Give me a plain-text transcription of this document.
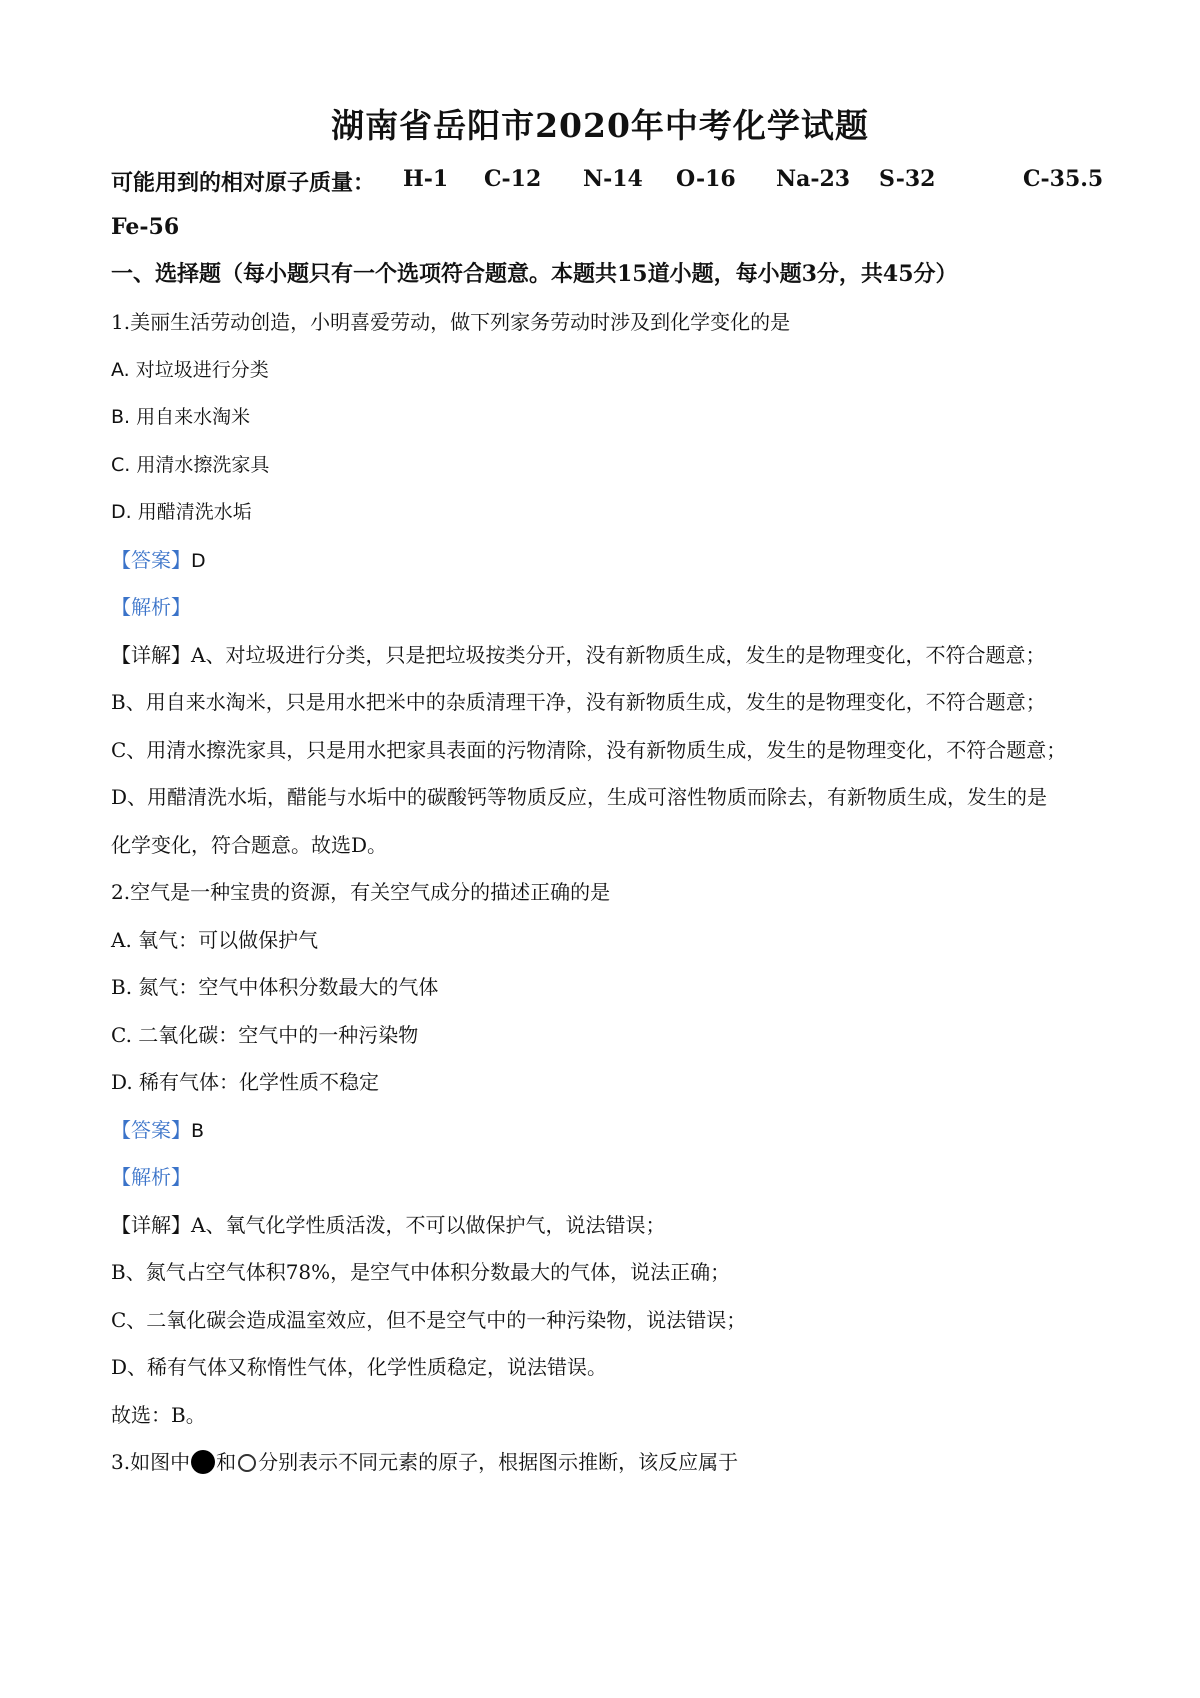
湖南省岳阳市2020年中考化学试题
可能用到的相对原子质量： H-1 C-12 N-14 O-16 Na-23 S-32	C-35.5
Fe-56
一、选择题（每小题只有一个选项符合题意。本题共15道小题，每小题3分，共45分）
1.美丽生活劳动创造，小明喜爱劳动，做下列家务劳动时涉及到化学变化的是
A. 对垃圾进行分类
B. 用自来水淘米
C. 用清水擦洗家具
D. 用醋清洗水垢
【答案】D
【解析】
【详解】A、对垃圾进行分类，只是把垃圾按类分开，没有新物质生成，发生的是物理变化，不符合题意；
B、用自来水淘米，只是用水把米中的杂质清理干净，没有新物质生成，发生的是物理变化，不符合题意；
C、用清水擦洗家具，只是用水把家具表面的污物清除，没有新物质生成，发生的是物理变化，不符合题意；
D、用醋清洗水垢，醋能与水垢中的碳酸钙等物质反应，生成可溶性物质而除去，有新物质生成，发生的是
化学变化，符合题意。故选D。
2.空气是一种宝贵的资源，有关空气成分的描述正确的是
A. 氧气：可以做保护气
B. 氮气：空气中体积分数最大的气体
C. 二氧化碳：空气中的一种污染物
D. 稀有气体：化学性质不稳定
【答案】B
【解析】
【详解】A、氧气化学性质活泼，不可以做保护气，说法错误；
B、氮气占空气体积78%，是空气中体积分数最大的气体，说法正确；
C、二氧化碳会造成温室效应，但不是空气中的一种污染物，说法错误；
D、稀有气体又称惰性气体，化学性质稳定，说法错误。
故选：B。
3.如图中 和 分别表示不同元素的原子，根据图示推断，该反应属于
